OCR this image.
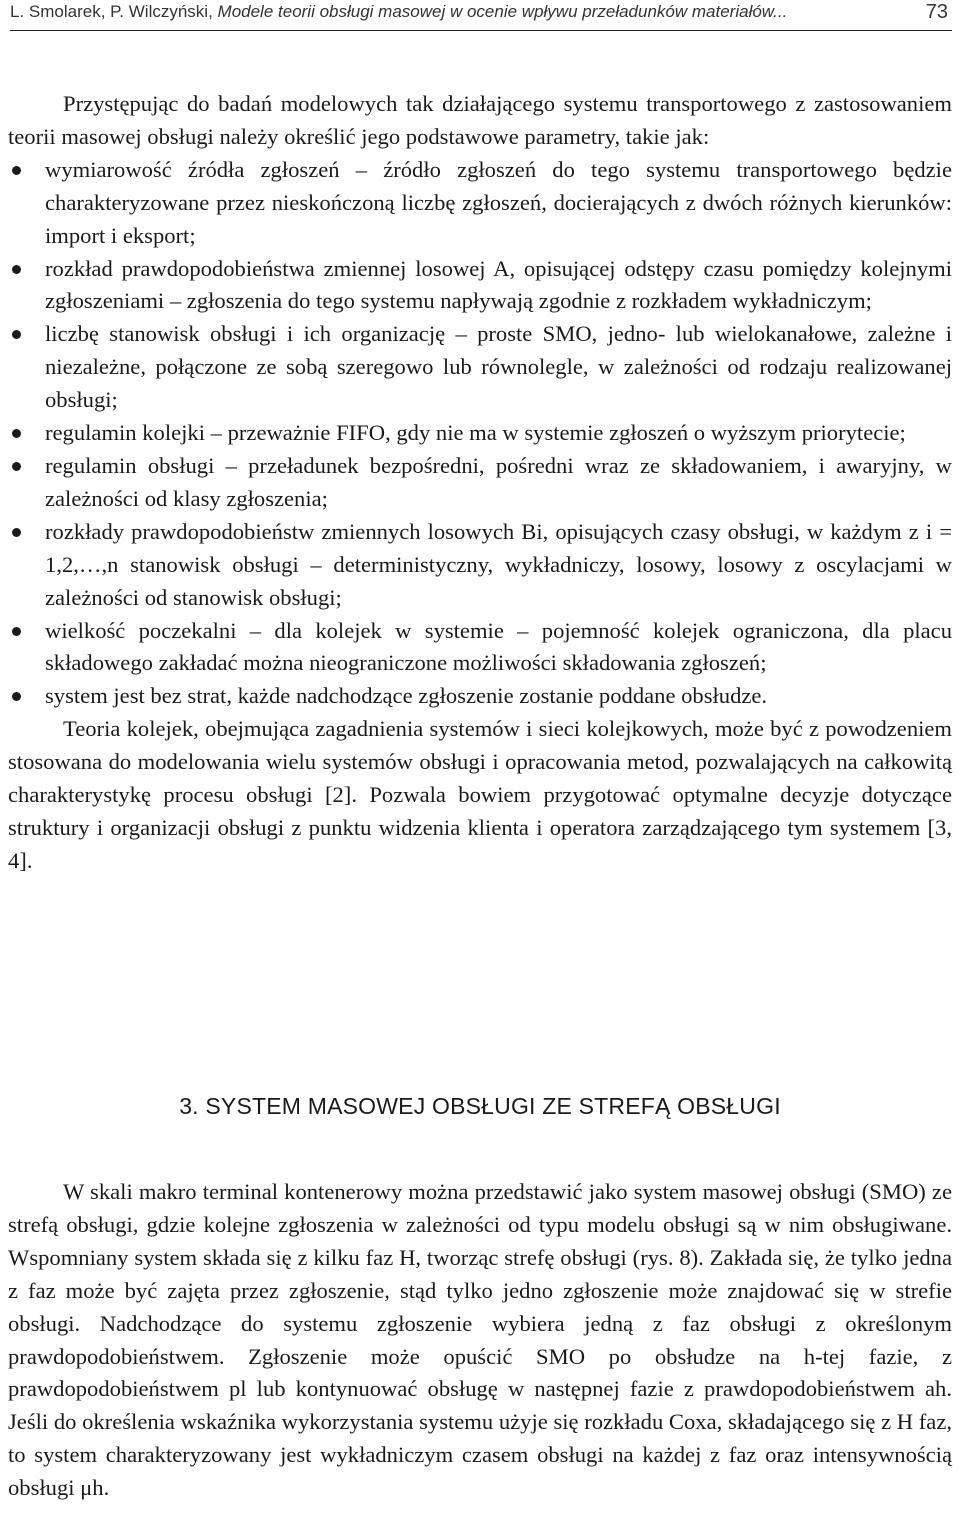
L. Smolarek, P. Wilczyński, Modele teorii obsługi masowej w ocenie wpływu przeładunków materiałów...	73

Przystępując do badań modelowych tak działającego systemu transportowego z zastosowaniem teorii masowej obsługi należy określić jego podstawowe parametry, takie jak:

wymiarowość źródła zgłoszeń – źródło zgłoszeń do tego systemu transportowego będzie charakteryzowane przez nieskończoną liczbę zgłoszeń, docierających z dwóch różnych kierunków: import i eksport;
rozkład prawdopodobieństwa zmiennej losowej A, opisującej odstępy czasu pomiędzy kolejnymi zgłoszeniami – zgłoszenia do tego systemu napływają zgodnie z rozkładem wykładniczym;
liczbę stanowisk obsługi i ich organizację – proste SMO, jedno- lub wielokanałowe, zależne i niezależne, połączone ze sobą szeregowo lub równolegle, w zależności od rodzaju realizowanej obsługi;
regulamin kolejki – przeważnie FIFO, gdy nie ma w systemie zgłoszeń o wyższym priorytecie;
regulamin obsługi – przeładunek bezpośredni, pośredni wraz ze składowaniem, i awaryjny, w zależności od klasy zgłoszenia;
rozkłady prawdopodobieństw zmiennych losowych Bi, opisujących czasy obsługi, w każdym z i = 1,2,…,n stanowisk obsługi – deterministyczny, wykładniczy, losowy, losowy z oscylacjami w zależności od stanowisk obsługi;
wielkość poczekalni – dla kolejek w systemie – pojemność kolejek ograniczona, dla placu składowego zakładać można nieograniczone możliwości składowania zgłoszeń;
system jest bez strat, każde nadchodzące zgłoszenie zostanie poddane obsłudze.

Teoria kolejek, obejmująca zagadnienia systemów i sieci kolejkowych, może być z powodzeniem stosowana do modelowania wielu systemów obsługi i opracowania metod, pozwalających na całkowitą charakterystykę procesu obsługi [2]. Pozwala bowiem przygotować optymalne decyzje dotyczące struktury i organizacji obsługi z punktu widzenia klienta i operatora zarządzającego tym systemem [3, 4].

3. SYSTEM MASOWEJ OBSŁUGI ZE STREFĄ OBSŁUGI

W skali makro terminal kontenerowy można przedstawić jako system masowej obsługi (SMO) ze strefą obsługi, gdzie kolejne zgłoszenia w zależności od typu modelu obsługi są w nim obsługiwane. Wspomniany system składa się z kilku faz H, tworząc strefę obsługi (rys. 8). Zakłada się, że tylko jedna z faz może być zajęta przez zgłoszenie, stąd tylko jedno zgłoszenie może znajdować się w strefie obsługi. Nadchodzące do systemu zgłoszenie wybiera jedną z faz obsługi z określonym prawdopodobieństwem. Zgłoszenie może opuścić SMO po obsłudze na h-tej fazie, z prawdopodobieństwem pl lub kontynuować obsługę w następnej fazie z prawdopodobieństwem ah. Jeśli do określenia wskaźnika wykorzystania systemu użyje się rozkładu Coxa, składającego się z H faz, to system charakteryzowany jest wykładniczym czasem obsługi na każdej z faz oraz intensywnością obsługi μh.
